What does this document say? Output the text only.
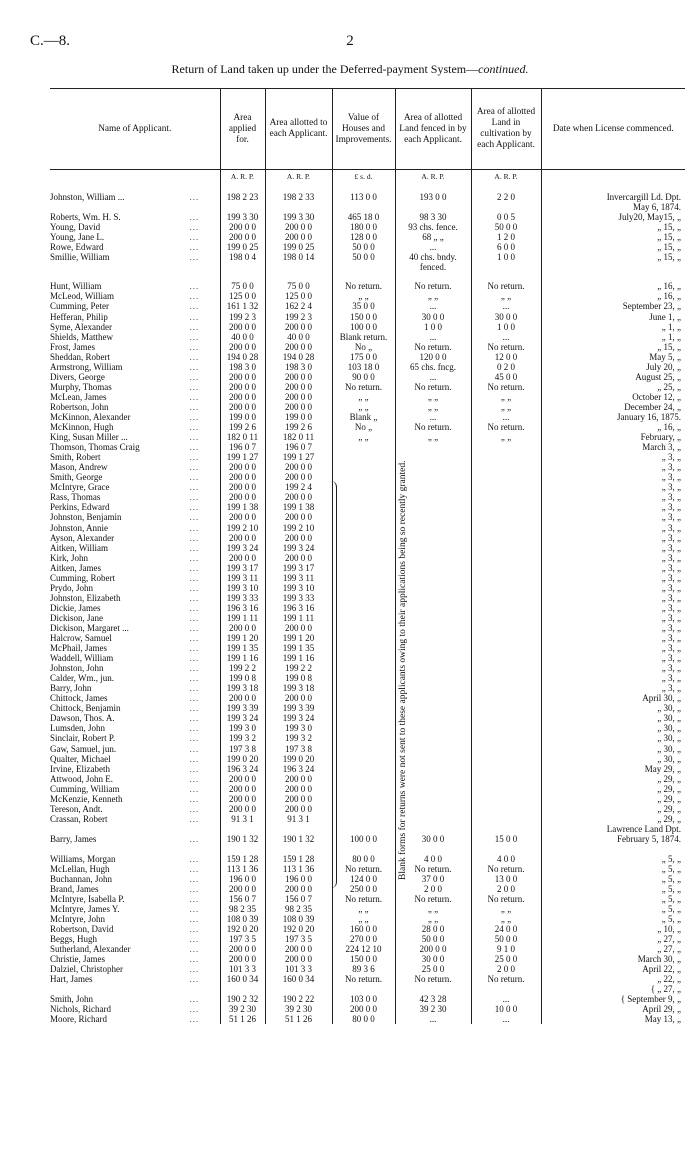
C.—8.	2
Return of Land taken up under the Deferred-payment System—continued.
Name of Applicant.	Area applied for.	Area allotted to each Applicant.	Value of Houses and Improvements.	Area of allotted Land fenced in by each Applicant.	Area of allotted Land in cultivation by each Applicant.	Date when License commenced.
	A. R. P.	A. R. P.	£ s. d.	A. R. P.	A. R. P.	

Johnston, William ...	...	198 2 23	198 2 33	113 0 0	193 0 0	2 2 0	Invercargill Ld. Dpt.

					May 6, 1874.

Roberts, Wm. H. S.	...	199 3 30	199 3 30	465 18 0	98 3 30	0 0 5	July20, May15, „

Young, David	...	200 0 0	200 0 0	180 0 0	93 chs. fence.	50 0 0	„ 15, „

Young, Jane L.	...	200 0 0	200 0 0	128 0 0	68 „ „	1 2 0	„ 15, „

Rowe, Edward	...	199 0 25	199 0 25	50 0 0	...	6 0 0	„ 15, „

Smillie, William	...	198 0 4	198 0 14	50 0 0	40 chs. bndy.	1 0 0	„ 15, „

			fenced.		

Hunt, William	...	75 0 0	75 0 0	No return.	No return.	No return.	„ 16, „

McLeod, William	...	125 0 0	125 0 0	„ „	„ „	„ „	„ 16, „

Cumming, Peter	...	161 1 32	162 2 4	35 0 0	...	...	September 23, „

Hefferan, Philip	...	199 2 3	199 2 3	150 0 0	30 0 0	30 0 0	June 1, „

Syme, Alexander	...	200 0 0	200 0 0	100 0 0	1 0 0	1 0 0	„ 1, „

Shields, Matthew	...	40 0 0	40 0 0	Blank return.	...	...	„ 1, „

Frost, James	...	200 0 0	200 0 0	No „	No return.	No return.	„ 15, „

Sheddan, Robert	...	194 0 28	194 0 28	175 0 0	120 0 0	12 0 0	May 5, „

Armstrong, William	...	198 3 0	198 3 0	103 18 0	65 chs. fncg.	0 2 0	July 20, „

Divers, George	...	200 0 0	200 0 0	90 0 0	...	45 0 0	August 25, „

Murphy, Thomas	...	200 0 0	200 0 0	No return.	No return.	No return.	„ 25, „

McLean, James	...	200 0 0	200 0 0	„ „	„ „	„ „	October 12, „

Robertson, John	...	200 0 0	200 0 0	„ „	„ „	„ „	December 24, „

McKinnon, Alexander	...	199 0 0	199 0 0	Blank „	...	...	January 16, 1875.

McKinnon, Hugh	...	199 2 6	199 2 6	No „	No return.	No return.	„ 16, „

King, Susan Miller ...	...	182 0 11	182 0 11	„ „	„ „	„ „	February, „

Thomson, Thomas Craig	...	196 0 7	196 0 7				March 3, „

Smith, Robert	...	199 1 27	199 1 27				„ 3, „

Mason, Andrew	...	200 0 0	200 0 0				„ 3, „

Smith, George	...	200 0 0	200 0 0				„ 3, „

McIntyre, Grace	...	200 0 0	199 2 4				„ 3, „

Rass, Thomas	...	200 0 0	200 0 0				„ 3, „

Perkins, Edward	...	199 1 38	199 1 38				„ 3, „

Johnston, Benjamin	...	200 0 0	200 0 0				„ 3, „

Johnston, Annie	...	199 2 10	199 2 10				„ 3, „

Ayson, Alexander	...	200 0 0	200 0 0				„ 3, „

Aitken, William	...	199 3 24	199 3 24				„ 3, „

Kirk, John	...	200 0 0	200 0 0				„ 3, „

Aitken, James	...	199 3 17	199 3 17				„ 3, „

Cumming, Robert	...	199 3 11	199 3 11				„ 3, „

Prydo, John	...	199 3 10	199 3 10				„ 3, „

Johnston, Elizabeth	...	199 3 33	199 3 33				„ 3, „

Dickie, James	...	196 3 16	196 3 16				„ 3, „

Dickison, Jane	...	199 1 11	199 1 11				„ 3, „

Dickison, Margaret ...	...	200 0 0	200 0 0				„ 3, „

Halcrow, Samuel	...	199 1 20	199 1 20				„ 3, „

McPhail, James	...	199 1 35	199 1 35				„ 3, „

Waddell, William	...	199 1 16	199 1 16				„ 3, „

Johnston, John	...	199 2 2	199 2 2				„ 3, „

Calder, Wm., jun.	...	199 0 8	199 0 8				„ 3, „

Barry, John	...	199 3 18	199 3 18				„ 3, „

Chittock, James	...	200 0 0	200 0 0				April 30, „

Chittock, Benjamin	...	199 3 39	199 3 39				„ 30, „

Dawson, Thos. A.	...	199 3 24	199 3 24				„ 30, „

Lumsden, John	...	199 3 0	199 3 0				„ 30, „

Sinclair, Robert P.	...	199 3 2	199 3 2				„ 30, „

Gaw, Samuel, jun.	...	197 3 8	197 3 8				„ 30, „

Qualter, Michael	...	199 0 20	199 0 20				„ 30, „

Irvine, Elizabeth	...	196 3 24	196 3 24				May 29, „

Attwood, John E.	...	200 0 0	200 0 0				„ 29, „

Cumming, William	...	200 0 0	200 0 0				„ 29, „

McKenzie, Kenneth	...	200 0 0	200 0 0				„ 29, „

Tereson, Andt.	...	200 0 0	200 0 0				„ 29, „

Crassan, Robert	...	91 3 1	91 3 1				„ 29, „

					Lawrence Land Dpt.

Barry, James	...	190 1 32	190 1 32	100 0 0	30 0 0	15 0 0	February 5, 1874.

Williams, Morgan	...	159 1 28	159 1 28	80 0 0	4 0 0	4 0 0	„ 5, „

McLellan, Hugh	...	113 1 36	113 1 36	No return.	No return.	No return.	„ 5, „

Buchannan, John	...	196 0 0	196 0 0	124 0 0	37 0 0	13 0 0	„ 5, „

Brand, James	...	200 0 0	200 0 0	250 0 0	2 0 0	2 0 0	„ 5, „

McIntyre, Isabella P.	...	156 0 7	156 0 7	No return.	No return.	No return.	„ 5, „

McIntyre, James Y.	...	98 2 35	98 2 35	„ „	„ „	„ „	„ 5, „

McIntyre, John	...	108 0 39	108 0 39	„ „	„ „	„ „	„ 5, „

Robertson, David	...	192 0 20	192 0 20	160 0 0	28 0 0	24 0 0	„ 10, „

Beggs, Hugh	...	197 3 5	197 3 5	270 0 0	50 0 0	50 0 0	„ 27, „

Sutherland, Alexander	...	200 0 0	200 0 0	224 12 10	200 0 0	9 1 0	„ 27, „

Christie, James	...	200 0 0	200 0 0	150 0 0	30 0 0	25 0 0	March 30, „

Dalziel, Christopher	...	101 3 3	101 3 3	89 3 6	25 0 0	2 0 0	April 22, „

Hart, James	...	160 0 34	160 0 34	No return.	No return.	No return.	„ 22, „

					{ „ 27, „

Smith, John	...	190 2 32	190 2 22	103 0 0	42 3 28	...	{ September 9, „

Nichols, Richard	...	39 2 30	39 2 30	200 0 0	39 2 30	10 0 0	April 29, „

Moore, Richard	...	51 1 26	51 1 26	80 0 0	...	...	May 13, „
Blank forms for returns were not sent to these applicants owing to their applications being so recently granted.
